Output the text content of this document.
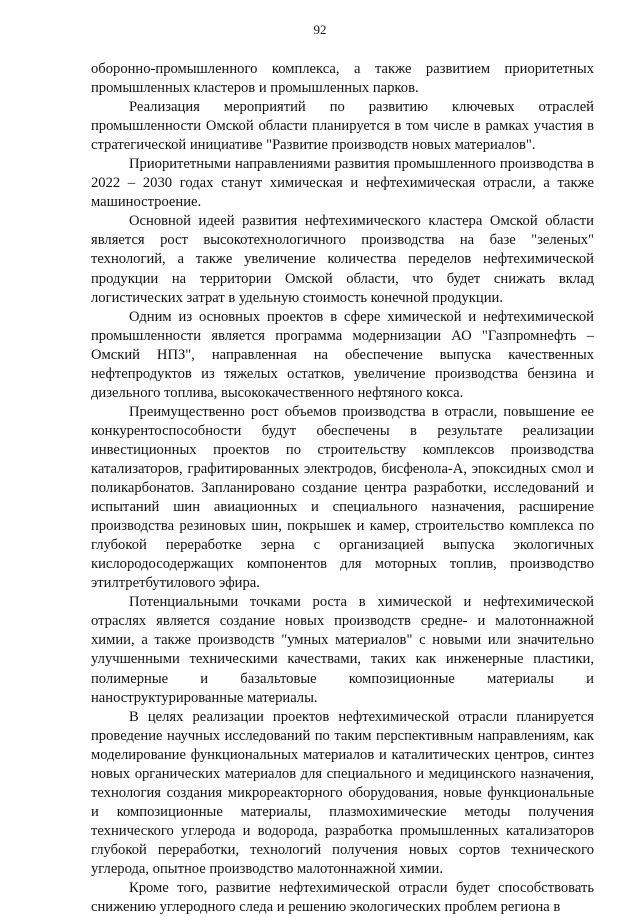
92

оборонно-промышленного комплекса, а также развитием приоритетных промышленных кластеров и промышленных парков.

Реализация мероприятий по развитию ключевых отраслей промышленности Омской области планируется в том числе в рамках участия в стратегической инициативе "Развитие производств новых материалов".

Приоритетными направлениями развития промышленного производства в 2022 – 2030 годах станут химическая и нефтехимическая отрасли, а также машиностроение.

Основной идеей развития нефтехимического кластера Омской области является рост высокотехнологичного производства на базе "зеленых" технологий, а также увеличение количества переделов нефтехимической продукции на территории Омской области, что будет снижать вклад логистических затрат в удельную стоимость конечной продукции.

Одним из основных проектов в сфере химической и нефтехимической промышленности является программа модернизации АО "Газпромнефть – Омский НПЗ", направленная на обеспечение выпуска качественных нефтепродуктов из тяжелых остатков, увеличение производства бензина и дизельного топлива, высококачественного нефтяного кокса.

Преимущественно рост объемов производства в отрасли, повышение ее конкурентоспособности будут обеспечены в результате реализации инвестиционных проектов по строительству комплексов производства катализаторов, графитированных электродов, бисфенола-А, эпоксидных смол и поликарбонатов. Запланировано создание центра разработки, исследований и испытаний шин авиационных и специального назначения, расширение производства резиновых шин, покрышек и камер, строительство комплекса по глубокой переработке зерна с организацией выпуска экологичных кислородосодержащих компонентов для моторных топлив, производство этилтретбутилового эфира.

Потенциальными точками роста в химической и нефтехимической отраслях является создание новых производств средне- и малотоннажной химии, а также производств "умных материалов" с новыми или значительно улучшенными техническими качествами, таких как инженерные пластики, полимерные и базальтовые композиционные материалы и наноструктурированные материалы.

В целях реализации проектов нефтехимической отрасли планируется проведение научных исследований по таким перспективным направлениям, как моделирование функциональных материалов и каталитических центров, синтез новых органических материалов для специального и медицинского назначения, технология создания микрореакторного оборудования, новые функциональные и композиционные материалы, плазмохимические методы получения технического углерода и водорода, разработка промышленных катализаторов глубокой переработки, технологий получения новых сортов технического углерода, опытное производство малотоннажной химии.

Кроме того, развитие нефтехимической отрасли будет способствовать снижению углеродного следа и решению экологических проблем региона в
